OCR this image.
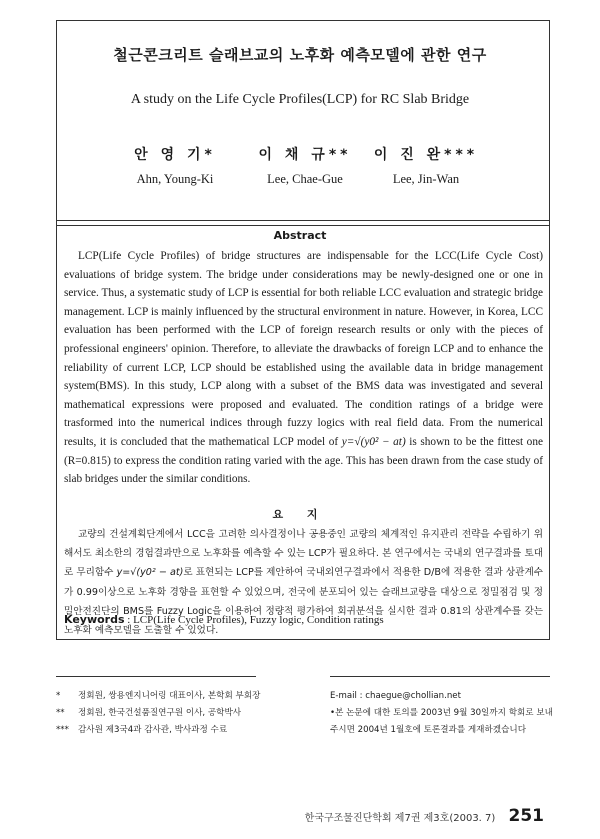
철근콘크리트 슬래브교의 노후화 예측모델에 관한 연구
A study on the Life Cycle Profiles(LCP) for RC Slab Bridge
안 영 기*
Ahn, Young-Ki
이 채 규**
Lee, Chae-Gue
이 진 완***
Lee, Jin-Wan
Abstract

LCP(Life Cycle Profiles) of bridge structures are indispensable for the LCC(Life Cycle Cost) evaluations of bridge system. The bridge under considerations may be newly-designed one or one in service. Thus, a systematic study of LCP is essential for both reliable LCC evaluation and strategic bridge management. LCP is mainly influenced by the structural environment in nature. However, in Korea, LCC evaluation has been performed with the LCP of foreign research results or only with the pieces of professional engineers' opinion. Therefore, to alleviate the drawbacks of foreign LCP and to enhance the reliability of current LCP, LCP should be established using the available data in bridge management system(BMS). In this study, LCP along with a subset of the BMS data was investigated and several mathematical expressions were proposed and evaluated. The condition ratings of a bridge were trasformed into the numerical indices through fuzzy logics with real field data. From the numerical results, it is concluded that the mathematical LCP model of y=√(y0² − at) is shown to be the fittest one (R=0.815) to express the condition rating varied with the age. This has been drawn from the case study of slab bridges under the similar conditions.

요 지

교량의 건설계획단계에서 LCC을 고려한 의사결정이나 공용중인 교량의 체계적인 유지관리 전략을 수립하기 위해서도 최소한의 경험결과만으로 노후화를 예측할 수 있는 LCP가 필요하다. 본 연구에서는 국내외 연구결과를 토대로 무리함수 y=√(y0² − at)로 표현되는 LCP를 제안하여 국내외연구결과에서 적용한 D/B에 적용한 결과 상관계수가 0.99이상으로 노후화 경향을 표현할 수 있었으며, 전국에 분포되어 있는 슬래브교량을 대상으로 정밀점검 및 정밀안전진단의 BMS를 Fuzzy Logic을 이용하여 정량적 평가하여 회귀분석을 실시한 결과 0.81의 상관계수를 갖는 노후화 예측모델을 도출할 수 있었다.

Keywords : LCP(Life Cycle Profiles), Fuzzy logic, Condition ratings
* 정회원, 쌍용엔지니어링 대표이사, 본학회 부회장
** 정회원, 한국건설품질연구원 이사, 공학박사
*** 감사원 제3국4과 감사관, 박사과정 수료
E-mail : chaegue@chollian.net
•본 논문에 대한 토의를 2003년 9월 30일까지 학회로 보내
주시면 2004년 1월호에 토론결과를 게재하겠습니다
한국구조물진단학회 제7권 제3호(2003. 7) 251
